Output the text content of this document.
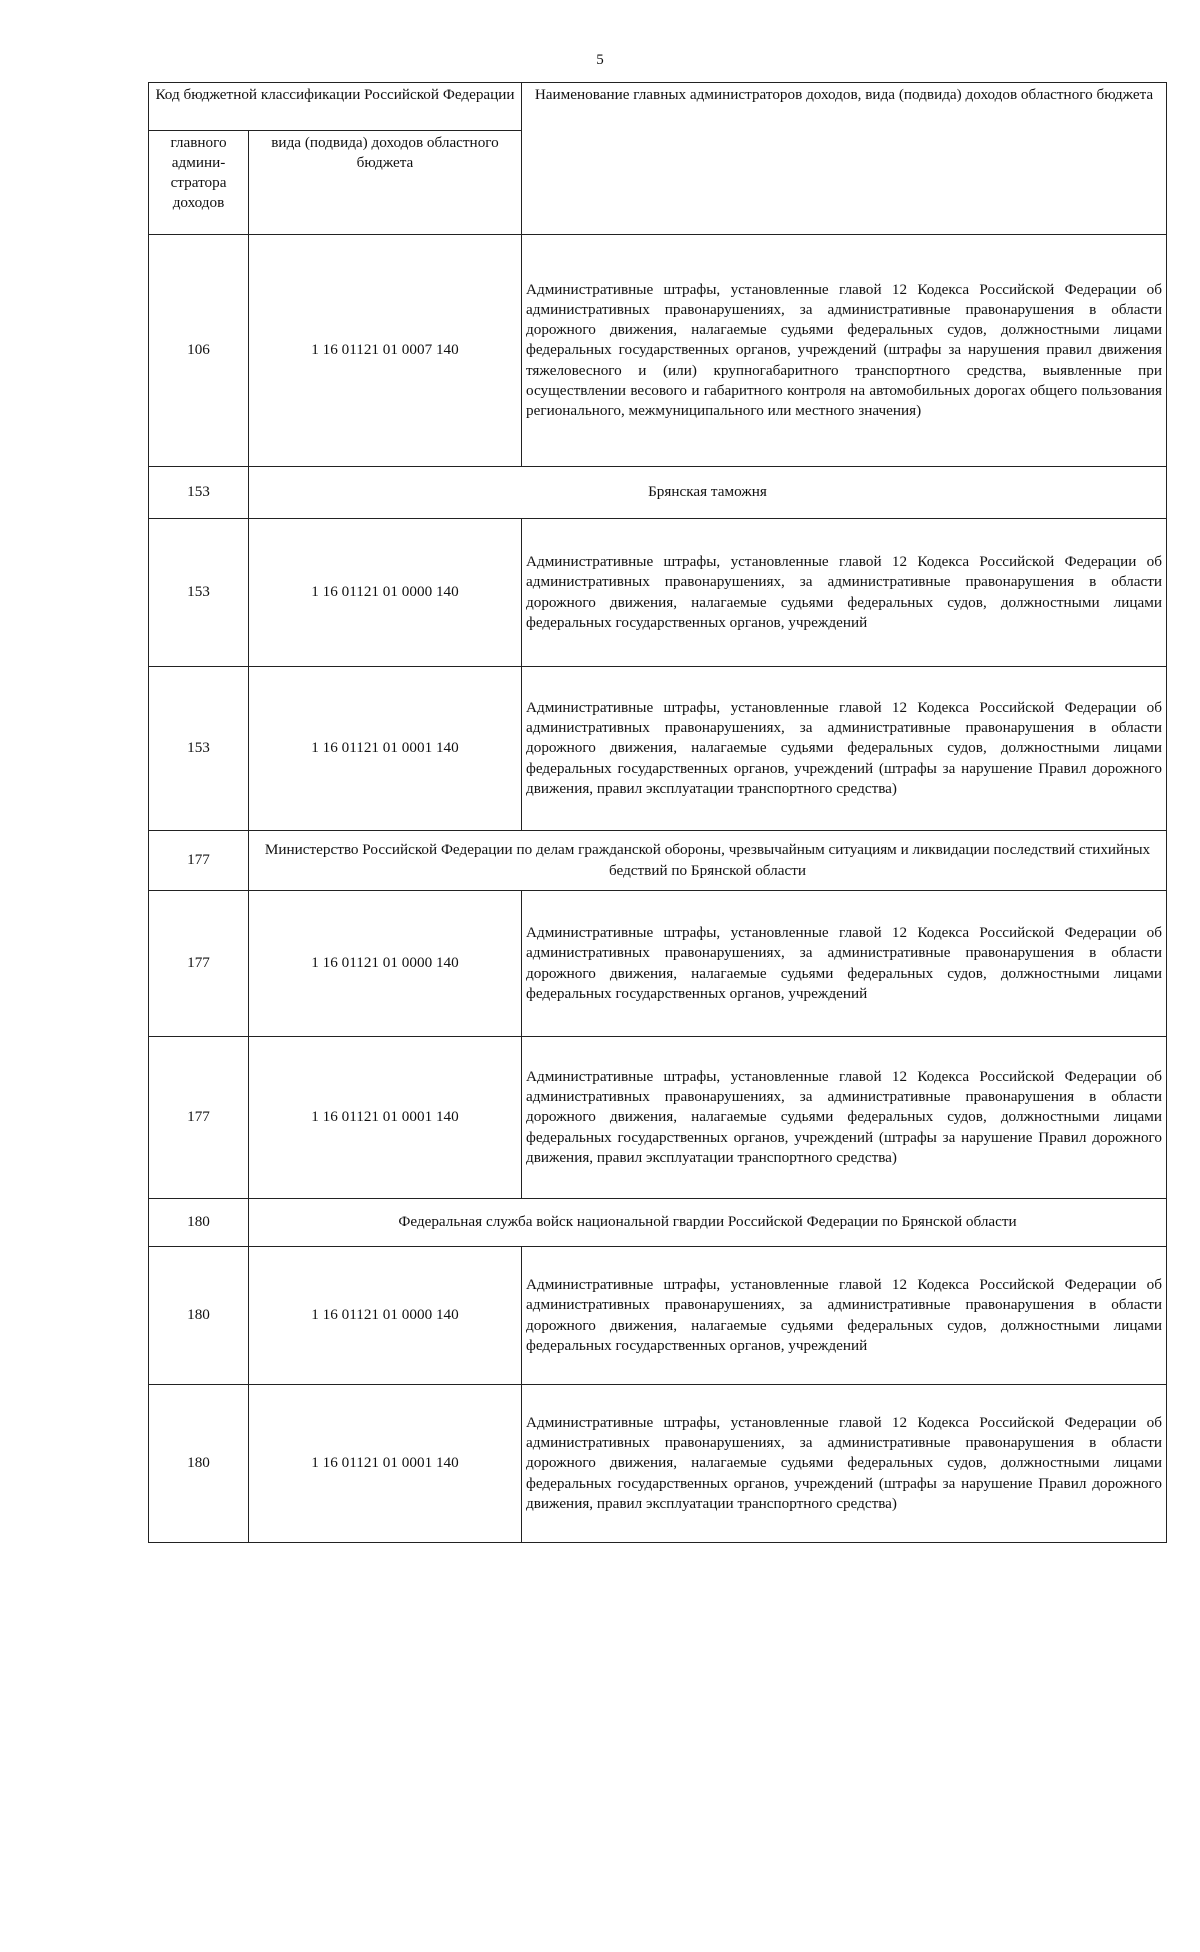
5
Код бюджетной классификации Российской Федерации		Наименование главных администраторов доходов, вида (подвида) доходов областного бюджета
главного админи-стратора доходов	вида (подвида) доходов областного бюджета	
106	1 16 01121 01 0007 140	Административные штрафы, установленные главой 12 Кодекса Российской Федерации об административных правонарушениях, за административные правонарушения в области дорожного движения, налагаемые судьями федеральных судов, должностными лицами федеральных государственных органов, учреждений (штрафы за нарушения правил движения тяжеловесного и (или) крупногабаритного транспортного средства, выявленные при осуществлении весового и габаритного контроля на автомобильных дорогах общего пользования регионального, межмуниципального или местного значения)
153	Брянская таможня	
153	1 16 01121 01 0000 140	Административные штрафы, установленные главой 12 Кодекса Российской Федерации об административных правонарушениях, за административные правонарушения в области дорожного движения, налагаемые судьями федеральных судов, должностными лицами федеральных государственных органов, учреждений
153	1 16 01121 01 0001 140	Административные штрафы, установленные главой 12 Кодекса Российской Федерации об административных правонарушениях, за административные правонарушения в области дорожного движения, налагаемые судьями федеральных судов, должностными лицами федеральных государственных органов, учреждений (штрафы за нарушение Правил дорожного движения, правил эксплуатации транспортного средства)
177	Министерство Российской Федерации по делам гражданской обороны, чрезвычайным ситуациям и ликвидации последствий стихийных бедствий по Брянской области	
177	1 16 01121 01 0000 140	Административные штрафы, установленные главой 12 Кодекса Российской Федерации об административных правонарушениях, за административные правонарушения в области дорожного движения, налагаемые судьями федеральных судов, должностными лицами федеральных государственных органов, учреждений
177	1 16 01121 01 0001 140	Административные штрафы, установленные главой 12 Кодекса Российской Федерации об административных правонарушениях, за административные правонарушения в области дорожного движения, налагаемые судьями федеральных судов, должностными лицами федеральных государственных органов, учреждений (штрафы за нарушение Правил дорожного движения, правил эксплуатации транспортного средства)
180	Федеральная служба войск национальной гвардии Российской Федерации по Брянской области	
180	1 16 01121 01 0000 140	Административные штрафы, установленные главой 12 Кодекса Российской Федерации об административных правонарушениях, за административные правонарушения в области дорожного движения, налагаемые судьями федеральных судов, должностными лицами федеральных государственных органов, учреждений
180	1 16 01121 01 0001 140	Административные штрафы, установленные главой 12 Кодекса Российской Федерации об административных правонарушениях, за административные правонарушения в области дорожного движения, налагаемые судьями федеральных судов, должностными лицами федеральных государственных органов, учреждений (штрафы за нарушение Правил дорожного движения, правил эксплуатации транспортного средства)
